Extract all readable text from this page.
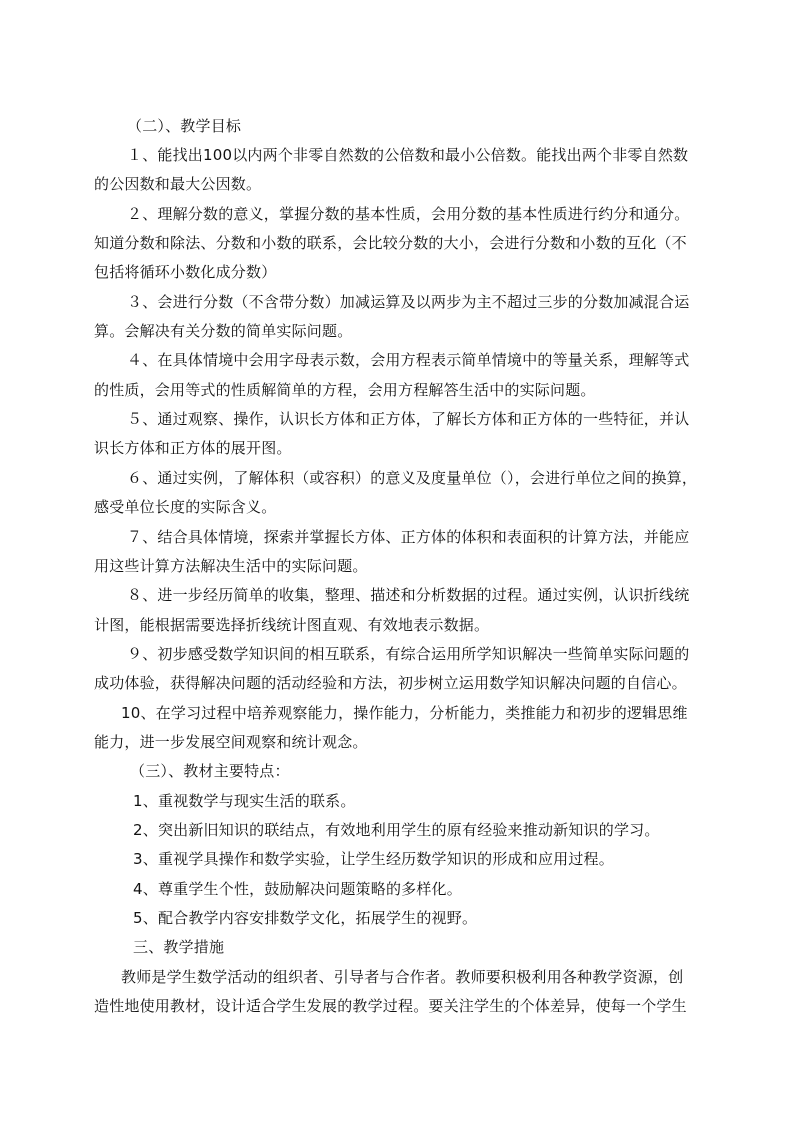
（二）、教学目标
１、能找出100以内两个非零自然数的公倍数和最小公倍数。能找出两个非零自然数
的公因数和最大公因数。
２、理解分数的意义，掌握分数的基本性质，会用分数的基本性质进行约分和通分。
知道分数和除法、分数和小数的联系，会比较分数的大小，会进行分数和小数的互化（不
包括将循环小数化成分数）
３、会进行分数（不含带分数）加减运算及以两步为主不超过三步的分数加减混合运
算。会解决有关分数的简单实际问题。
４、在具体情境中会用字母表示数，会用方程表示简单情境中的等量关系，理解等式
的性质，会用等式的性质解简单的方程，会用方程解答生活中的实际问题。
５、通过观察、操作，认识长方体和正方体，了解长方体和正方体的一些特征，并认
识长方体和正方体的展开图。
６、通过实例，了解体积（或容积）的意义及度量单位（），会进行单位之间的换算，
感受单位长度的实际含义。
７、结合具体情境，探索并掌握长方体、正方体的体积和表面积的计算方法，并能应
用这些计算方法解决生活中的实际问题。
８、进一步经历简单的收集，整理、描述和分析数据的过程。通过实例，认识折线统
计图，能根据需要选择折线统计图直观、有效地表示数据。
９、初步感受数学知识间的相互联系，有综合运用所学知识解决一些简单实际问题的
成功体验，获得解决问题的活动经验和方法，初步树立运用数学知识解决问题的自信心。
10、在学习过程中培养观察能力，操作能力，分析能力，类推能力和初步的逻辑思维
能力，进一步发展空间观察和统计观念。
（三）、教材主要特点：
1、重视数学与现实生活的联系。
2、突出新旧知识的联结点，有效地利用学生的原有经验来推动新知识的学习。
3、重视学具操作和数学实验，让学生经历数学知识的形成和应用过程。
4、尊重学生个性，鼓励解决问题策略的多样化。
5、配合教学内容安排数学文化，拓展学生的视野。
三、教学措施
教师是学生数学活动的组织者、引导者与合作者。教师要积极利用各种教学资源，创
造性地使用教材，设计适合学生发展的教学过程。要关注学生的个体差异，使每一个学生
